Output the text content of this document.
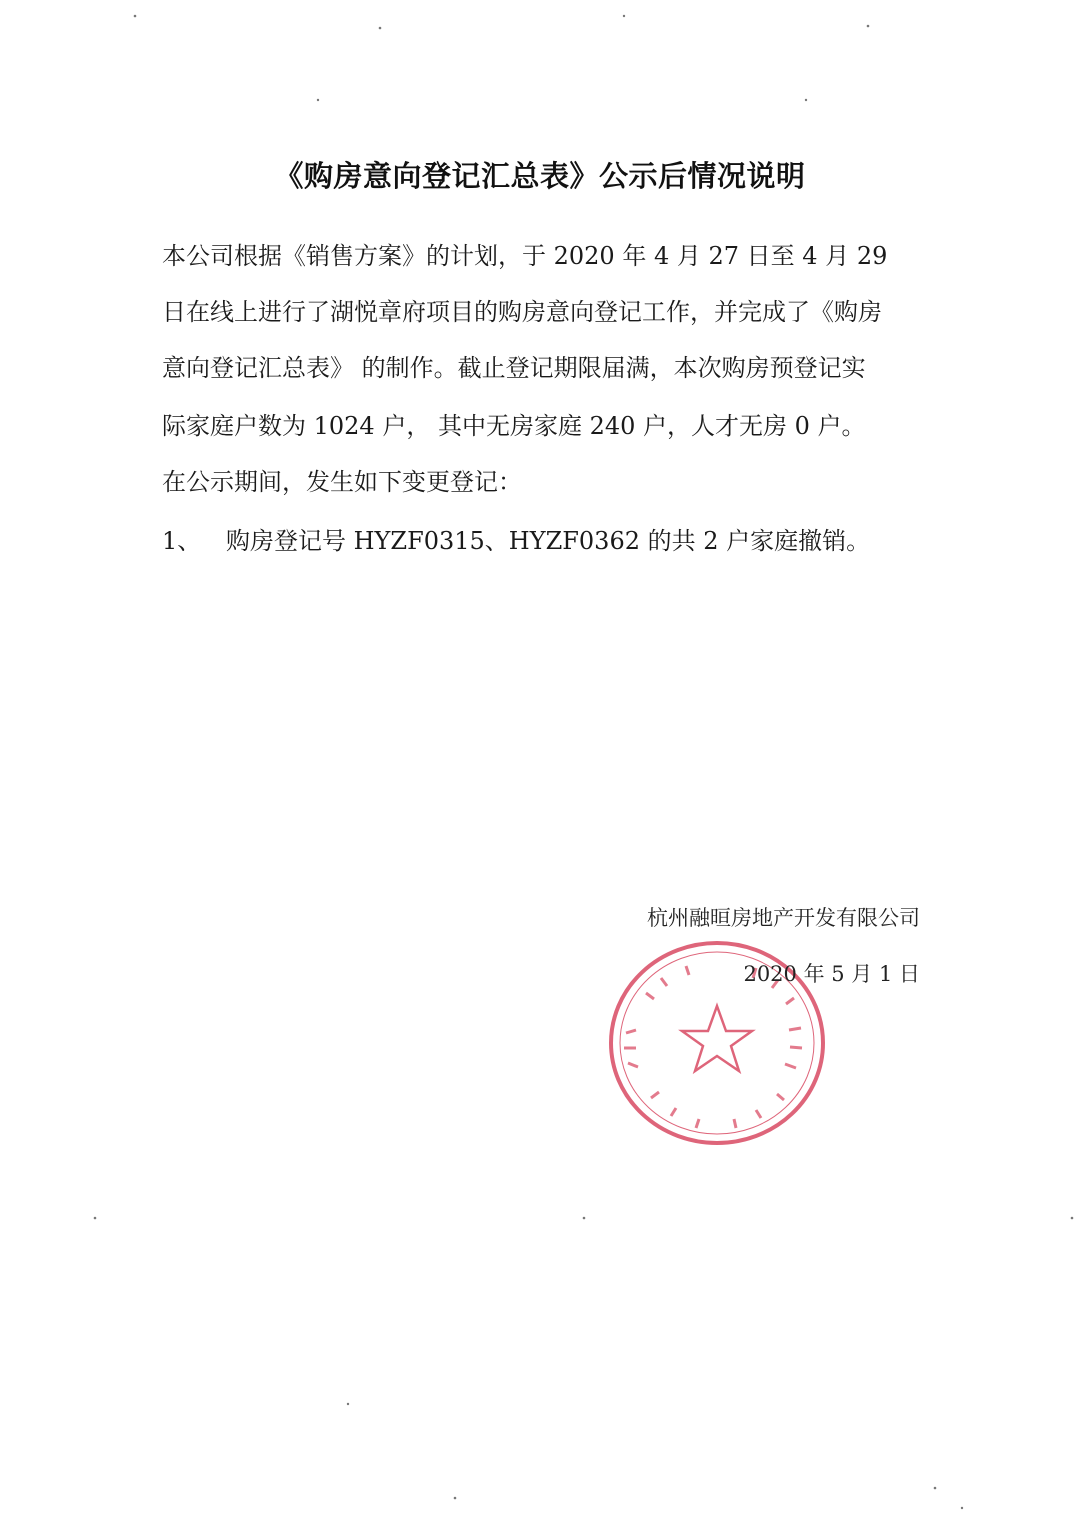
《购房意向登记汇总表》公示后情况说明
本公司根据《销售方案》的计划，于 2020 年 4 月 27 日至 4 月 29
日在线上进行了湖悦章府项目的购房意向登记工作，并完成了《购房
意向登记汇总表》 的制作。截止登记期限届满，本次购房预登记实
际家庭户数为 1024 户， 其中无房家庭 240 户，人才无房 0 户。
在公示期间，发生如下变更登记：
1、 购房登记号 HYZF0315、HYZF0362 的共 2 户家庭撤销。
杭州融晅房地产开发有限公司
2020 年 5 月 1 日
